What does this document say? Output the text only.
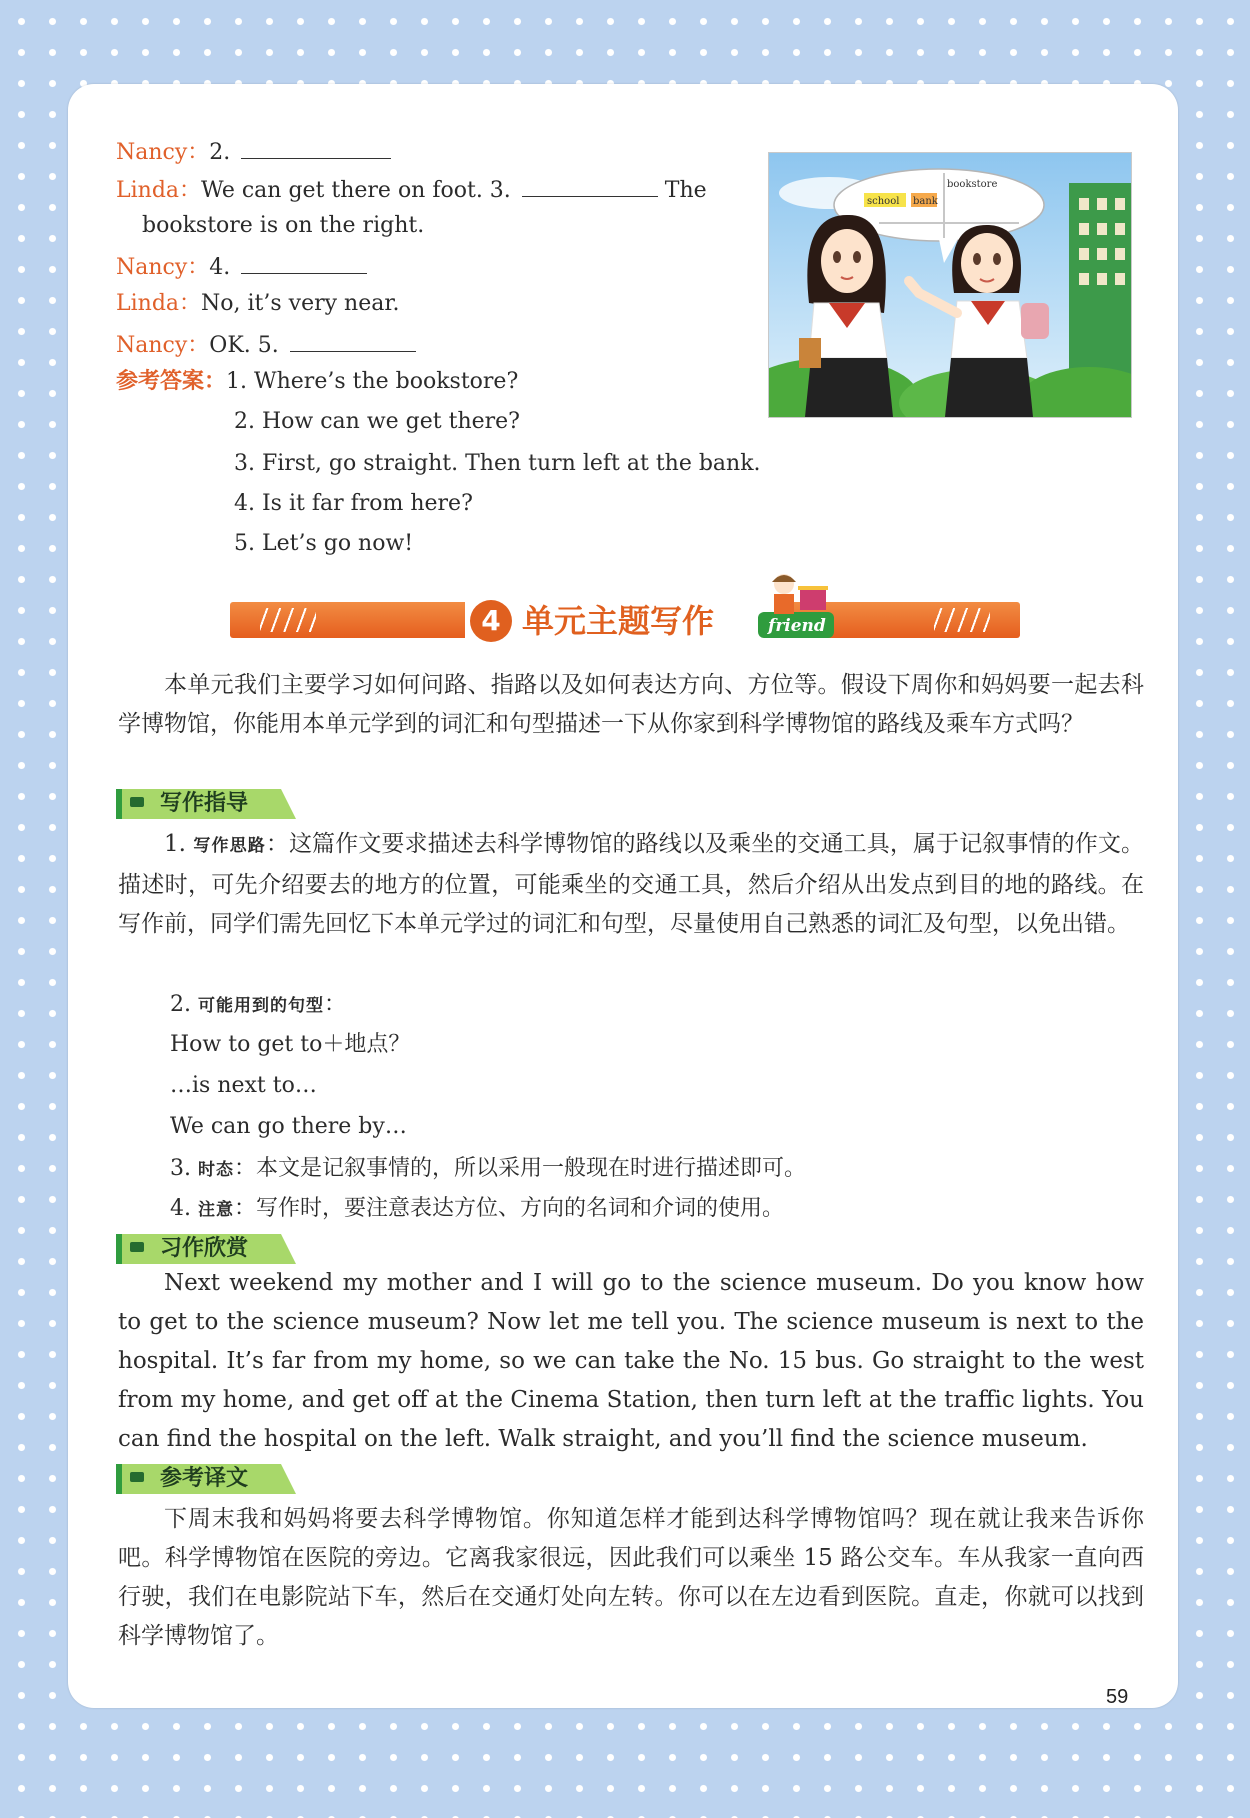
Nancy：2.
Linda：We can get there on foot. 3.	The
bookstore is on the right.
Nancy：4.
Linda：No, it’s very near.
Nancy：OK. 5.
参考答案：1. Where’s the bookstore?
2. How can we get there?
3. First, go straight. Then turn left at the bank.
4. Is it far from here?
5. Let’s go now!
school bank
bookstore
4 单元主题写作	friend

本单元我们主要学习如何问路、指路以及如何表达方向、方位等。假设下周你和妈妈要一起去科学博物馆，你能用本单元学到的词汇和句型描述一下从你家到科学博物馆的路线及乘车方式吗？

写作指导

1. 写作思路：这篇作文要求描述去科学博物馆的路线以及乘坐的交通工具，属于记叙事情的作文。描述时，可先介绍要去的地方的位置，可能乘坐的交通工具，然后介绍从出发点到目的地的路线。在写作前，同学们需先回忆下本单元学过的词汇和句型，尽量使用自己熟悉的词汇及句型，以免出错。

2. 可能用到的句型：
How to get to＋地点？
…is next to…
We can go there by…
3. 时态：本文是记叙事情的，所以采用一般现在时进行描述即可。
4. 注意：写作时，要注意表达方位、方向的名词和介词的使用。
习作欣赏

Next weekend my mother and I will go to the science museum. Do you know how to get to the science museum? Now let me tell you. The science museum is next to the hospital. It’s far from my home, so we can take the No. 15 bus. Go straight to the west from my home, and get off at the Cinema Station, then turn left at the traffic lights. You can find the hospital on the left. Walk straight, and you’ll find the science museum.

参考译文

下周末我和妈妈将要去科学博物馆。你知道怎样才能到达科学博物馆吗？现在就让我来告诉你吧。科学博物馆在医院的旁边。它离我家很远，因此我们可以乘坐 15 路公交车。车从我家一直向西行驶，我们在电影院站下车，然后在交通灯处向左转。你可以在左边看到医院。直走，你就可以找到科学博物馆了。

59
